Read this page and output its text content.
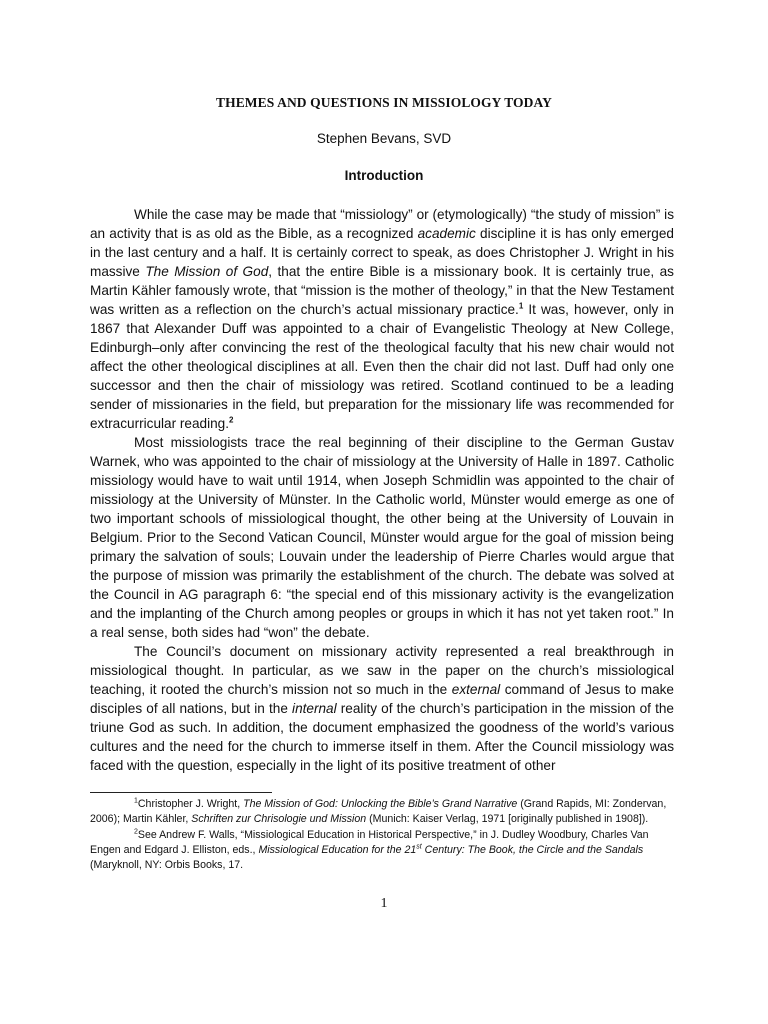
THEMES AND QUESTIONS IN MISSIOLOGY TODAY
Stephen Bevans, SVD
Introduction

While the case may be made that “missiology” or (etymologically) “the study of mission” is an activity that is as old as the Bible, as a recognized academic discipline it is has only emerged in the last century and a half. It is certainly correct to speak, as does Christopher J. Wright in his massive The Mission of God, that the entire Bible is a missionary book. It is certainly true, as Martin Kähler famously wrote, that “mission is the mother of theology,” in that the New Testament was written as a reflection on the church’s actual missionary practice.$^1$ It was, however, only in 1867 that Alexander Duff was appointed to a chair of Evangelistic Theology at New College, Edinburgh–only after convincing the rest of the theological faculty that his new chair would not affect the other theological disciplines at all. Even then the chair did not last. Duff had only one successor and then the chair of missiology was retired. Scotland continued to be a leading sender of missionaries in the field, but preparation for the missionary life was recommended for extracurricular reading.$^2$

Most missiologists trace the real beginning of their discipline to the German Gustav Warnek, who was appointed to the chair of missiology at the University of Halle in 1897. Catholic missiology would have to wait until 1914, when Joseph Schmidlin was appointed to the chair of missiology at the University of Münster. In the Catholic world, Münster would emerge as one of two important schools of missiological thought, the other being at the University of Louvain in Belgium. Prior to the Second Vatican Council, Münster would argue for the goal of mission being primary the salvation of souls; Louvain under the leadership of Pierre Charles would argue that the purpose of mission was primarily the establishment of the church. The debate was solved at the Council in AG paragraph 6: “the special end of this missionary activity is the evangelization and the implanting of the Church among peoples or groups in which it has not yet taken root.” In a real sense, both sides had “won” the debate.

The Council’s document on missionary activity represented a real breakthrough in missiological thought. In particular, as we saw in the paper on the church’s missiological teaching, it rooted the church’s mission not so much in the external command of Jesus to make disciples of all nations, but in the internal reality of the church’s participation in the mission of the triune God as such. In addition, the document emphasized the goodness of the world’s various cultures and the need for the church to immerse itself in them. After the Council missiology was faced with the question, especially in the light of its positive treatment of other

$^1$Christopher J. Wright, The Mission of God: Unlocking the Bible’s Grand Narrative (Grand Rapids, MI: Zondervan, 2006); Martin Kähler, Schriften zur Chrisologie und Mission (Munich: Kaiser Verlag, 1971 [originally published in 1908]).

$^2$See Andrew F. Walls, “Missiological Education in Historical Perspective,” in J. Dudley Woodbury, Charles Van Engen and Edgard J. Elliston, eds., Missiological Education for the 21st Century: The Book, the Circle and the Sandals (Maryknoll, NY: Orbis Books, 17.

1
